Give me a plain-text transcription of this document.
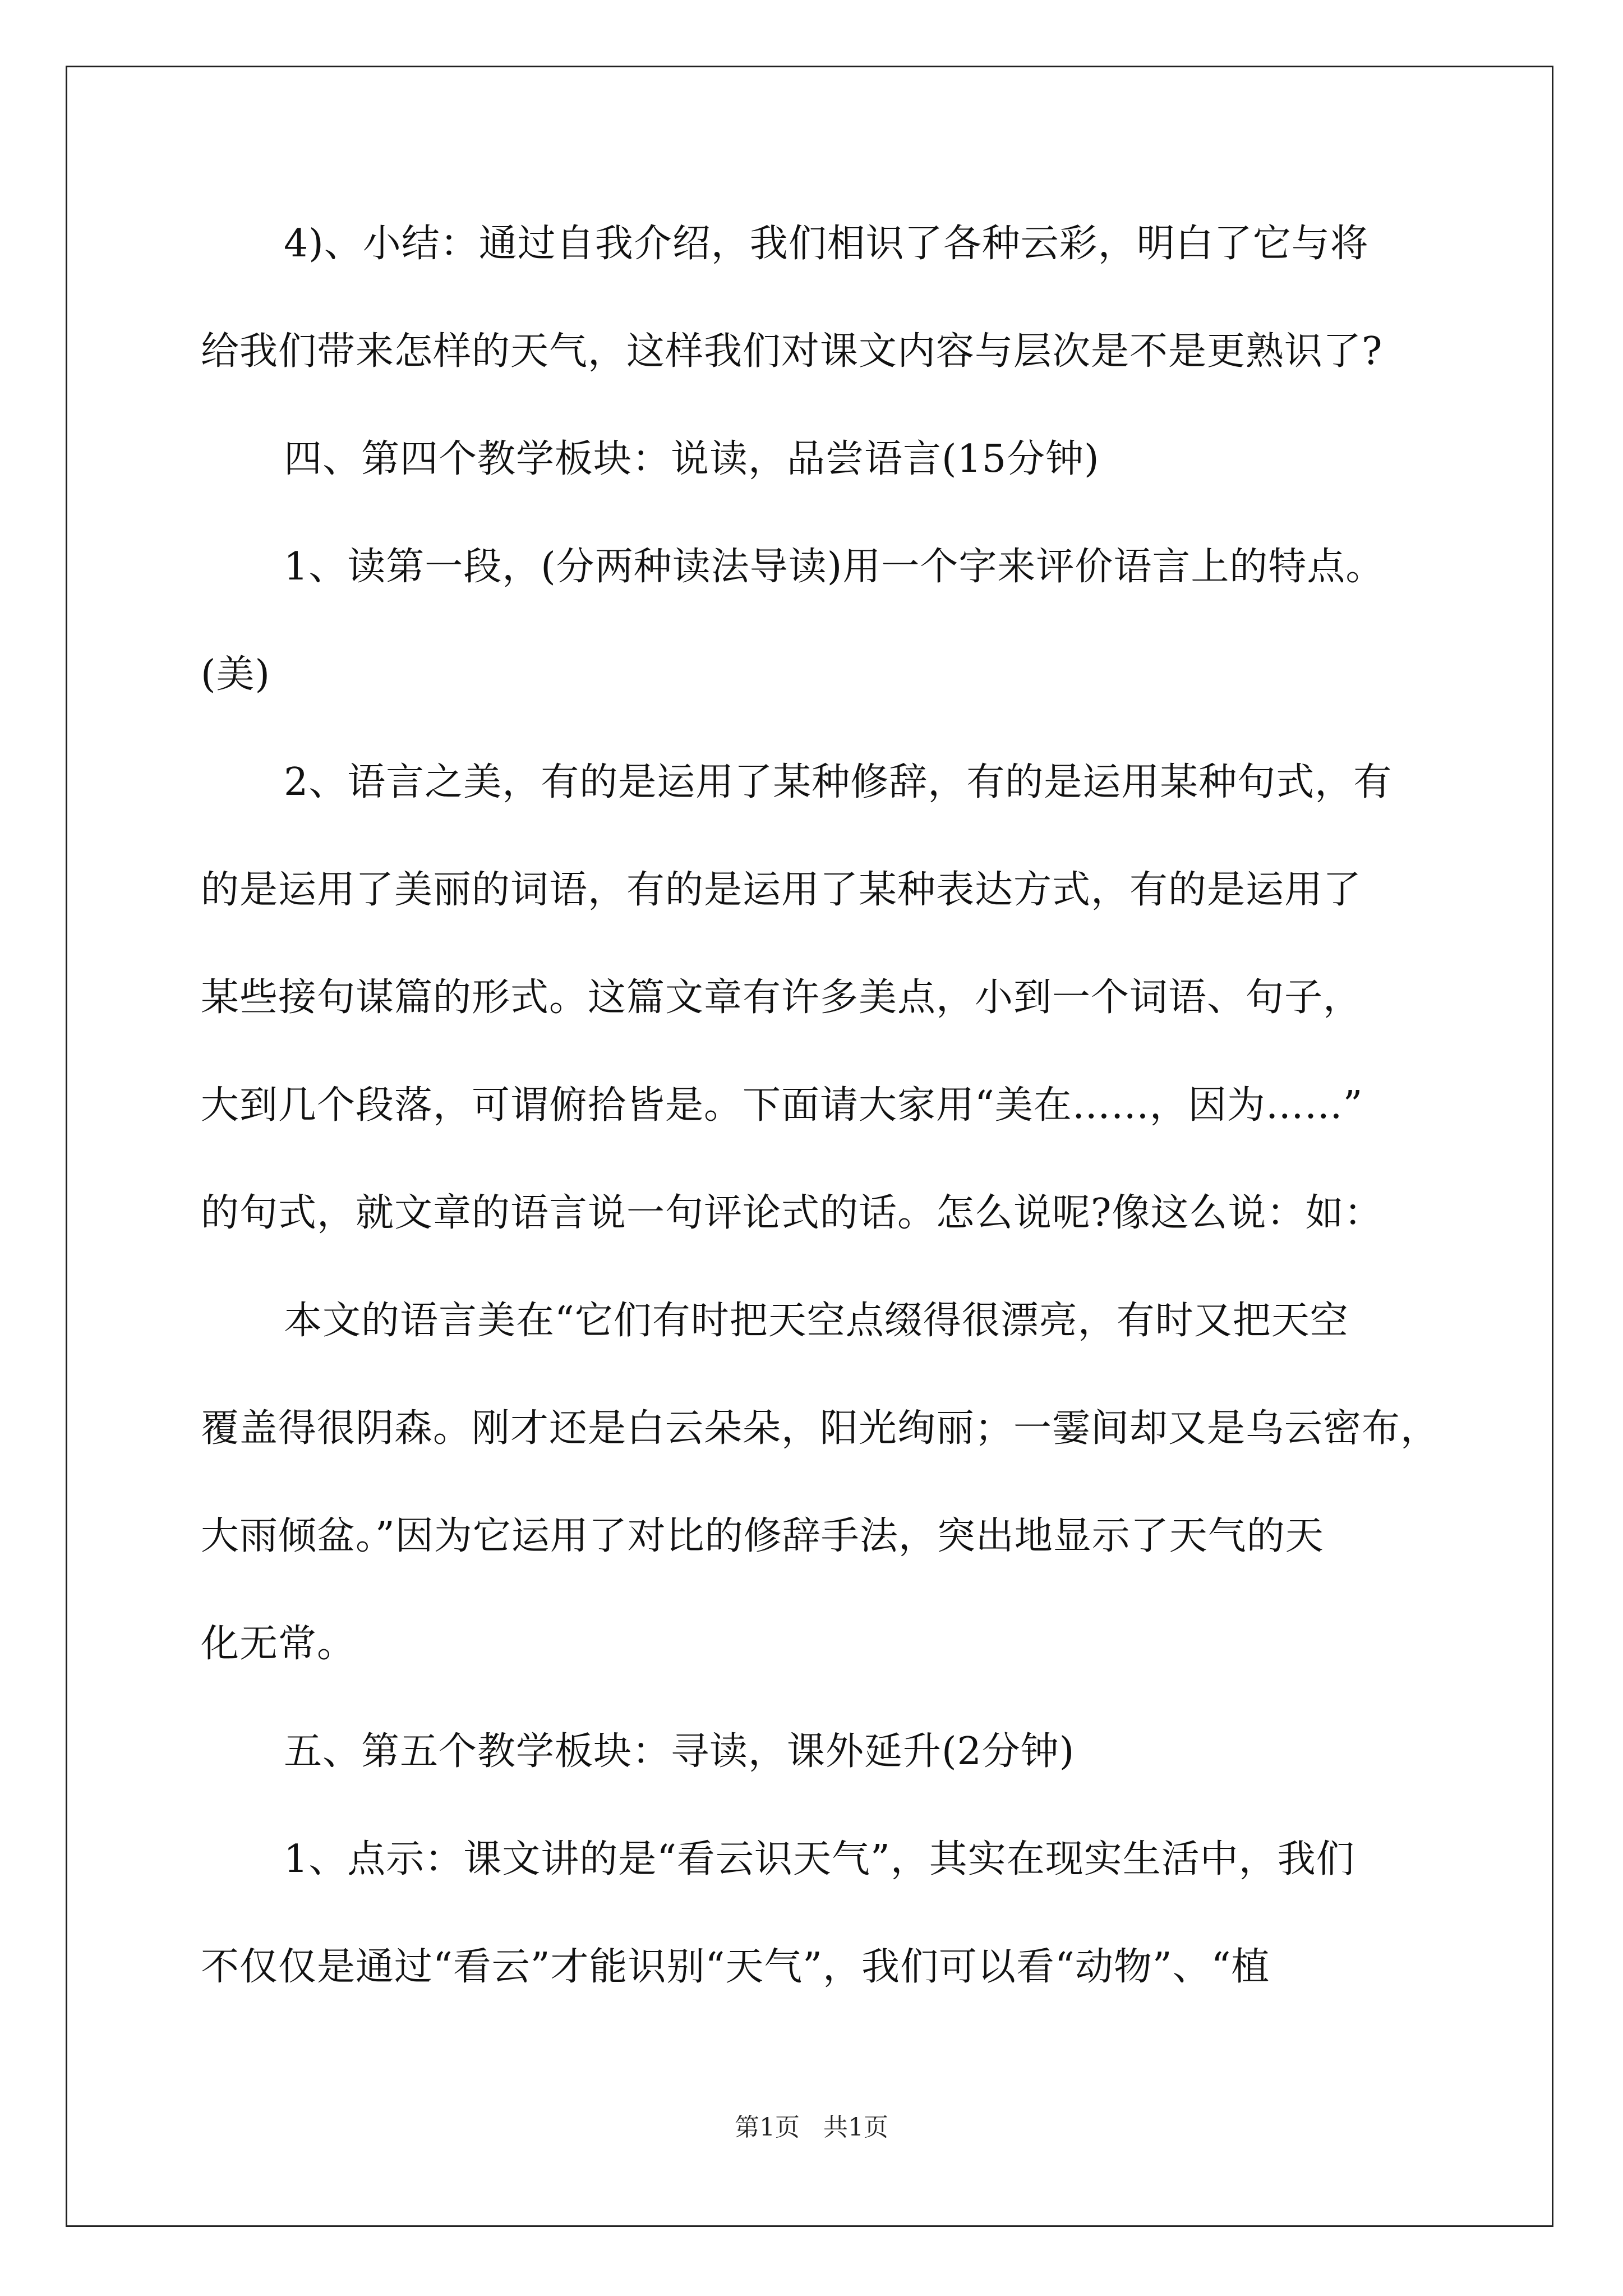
4)、小结：通过自我介绍，我们相识了各种云彩，明白了它与将
给我们带来怎样的天气，这样我们对课文内容与层次是不是更熟识了?
四、第四个教学板块：说读，品尝语言(15分钟)
1、读第一段，(分两种读法导读)用一个字来评价语言上的特点。
(美)
2、语言之美，有的是运用了某种修辞，有的是运用某种句式，有
的是运用了美丽的词语，有的是运用了某种表达方式，有的是运用了
某些接句谋篇的形式。这篇文章有许多美点，小到一个词语、句子，
大到几个段落，可谓俯拾皆是。下面请大家用“美在……，因为……”
的句式，就文章的语言说一句评论式的话。怎么说呢?像这么说：如：
本文的语言美在“它们有时把天空点缀得很漂亮，有时又把天空
覆盖得很阴森。刚才还是白云朵朵，阳光绚丽；一霎间却又是乌云密布，
大雨倾盆。”因为它运用了对比的修辞手法，突出地显示了天气的天
化无常。
五、第五个教学板块：寻读，课外延升(2分钟)
1、点示：课文讲的是“看云识天气”，其实在现实生活中，我们
不仅仅是通过“看云”才能识别“天气”，我们可以看“动物”、“植
第1页 共1页
